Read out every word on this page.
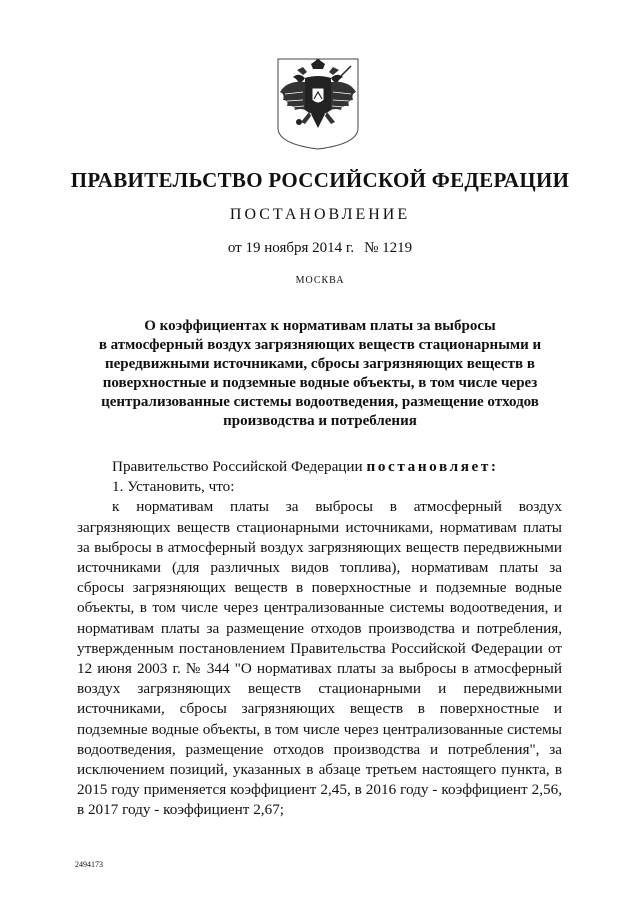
ПРАВИТЕЛЬСТВО РОССИЙСКОЙ ФЕДЕРАЦИИ
ПОСТАНОВЛЕНИЕ
от 19 ноября 2014 г. № 1219
МОСКВА
О коэффициентах к нормативам платы за выбросы
в атмосферный воздух загрязняющих веществ стационарными и
передвижными источниками, сбросы загрязняющих веществ в
поверхностные и подземные водные объекты, в том числе через
централизованные системы водоотведения, размещение отходов
производства и потребления

Правительство Российской Федерации постановляет:

1. Установить, что:

к нормативам платы за выбросы в атмосферный воздух загрязняющих веществ стационарными источниками, нормативам платы за выбросы в атмосферный воздух загрязняющих веществ передвижными источниками (для различных видов топлива), нормативам платы за сбросы загрязняющих веществ в поверхностные и подземные водные объекты, в том числе через централизованные системы водоотведения, и нормативам платы за размещение отходов производства и потребления, утвержденным постановлением Правительства Российской Федерации от 12 июня 2003 г. № 344 "О нормативах платы за выбросы в атмосферный воздух загрязняющих веществ стационарными и передвижными источниками, сбросы загрязняющих веществ в поверхностные и подземные водные объекты, в том числе через централизованные системы водоотведения, размещение отходов производства и потребления", за исключением позиций, указанных в абзаце третьем настоящего пункта, в 2015 году применяется коэффициент 2,45, в 2016 году - коэффициент 2,56, в 2017 году - коэффициент 2,67;

2494173
